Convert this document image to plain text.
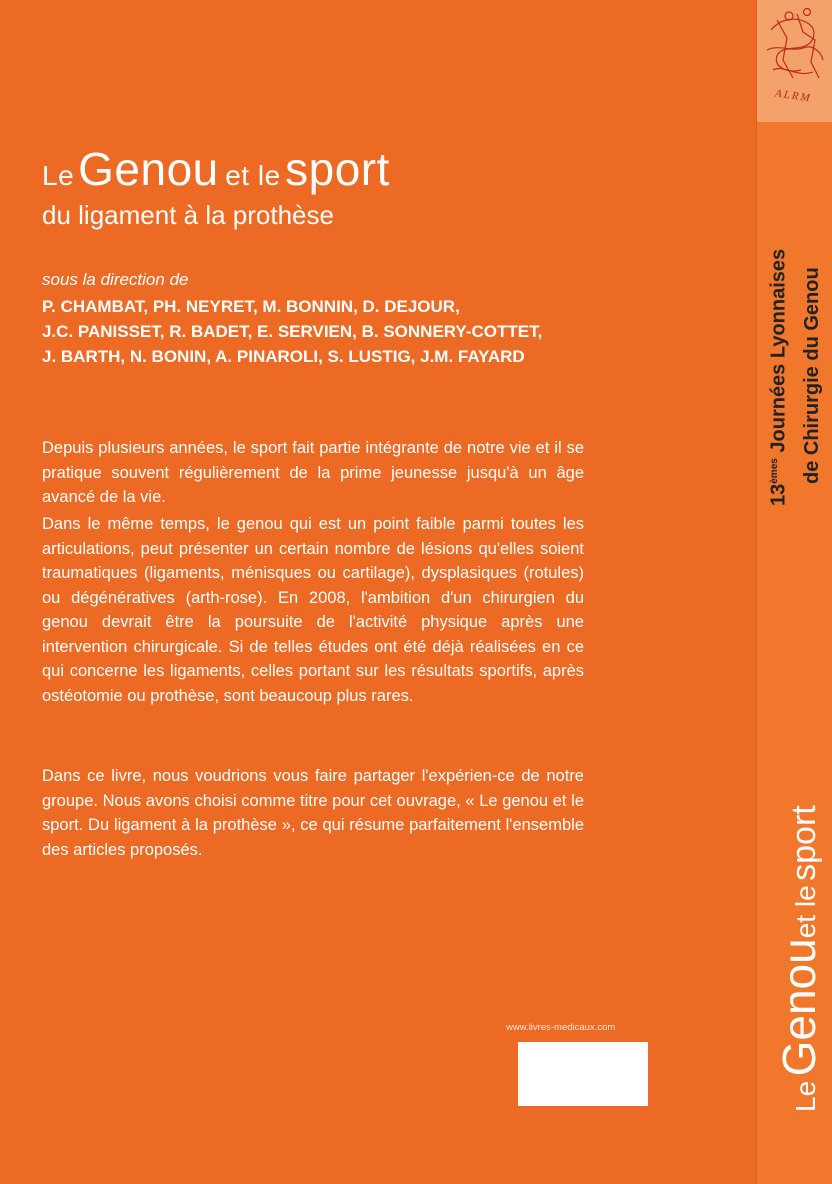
LeGenou et le sport
du ligament à la prothèse
sous la direction de
P. CHAMBAT, PH. NEYRET, M. BONNIN, D. DEJOUR,
J.C. PANISSET, R. BADET, E. SERVIEN, B. SONNERY-COTTET,
J. BARTH, N. BONIN, A. PINAROLI, S. LUSTIG, J.M. FAYARD
Depuis plusieurs années, le sport fait partie intégrante de notre vie et il se pratique souvent régulièrement de la prime jeunesse jusqu'à un âge avancé de la vie.
Dans le même temps, le genou qui est un point faible parmi toutes les articulations, peut présenter un certain nombre de lésions qu'elles soient traumatiques (ligaments, ménisques ou cartilage), dysplasiques (rotules) ou dégénératives (arth-rose). En 2008, l'ambition d'un chirurgien du genou devrait être la poursuite de l'activité physique après une intervention chirurgicale. Si de telles études ont été déjà réalisées en ce qui concerne les ligaments, celles portant sur les résultats sportifs, après ostéotomie ou prothèse, sont beaucoup plus rares.
Dans ce livre, nous voudrions vous faire partager l'expérien-ce de notre groupe. Nous avons choisi comme titre pour cet ouvrage, « Le genou et le sport. Du ligament à la prothèse », ce qui résume parfaitement l'ensemble des articles proposés.
www.livres-medicaux.com
ALRM
13èmes Journées Lyonnaises de Chirurgie du Genou
Le Genouet le sport
